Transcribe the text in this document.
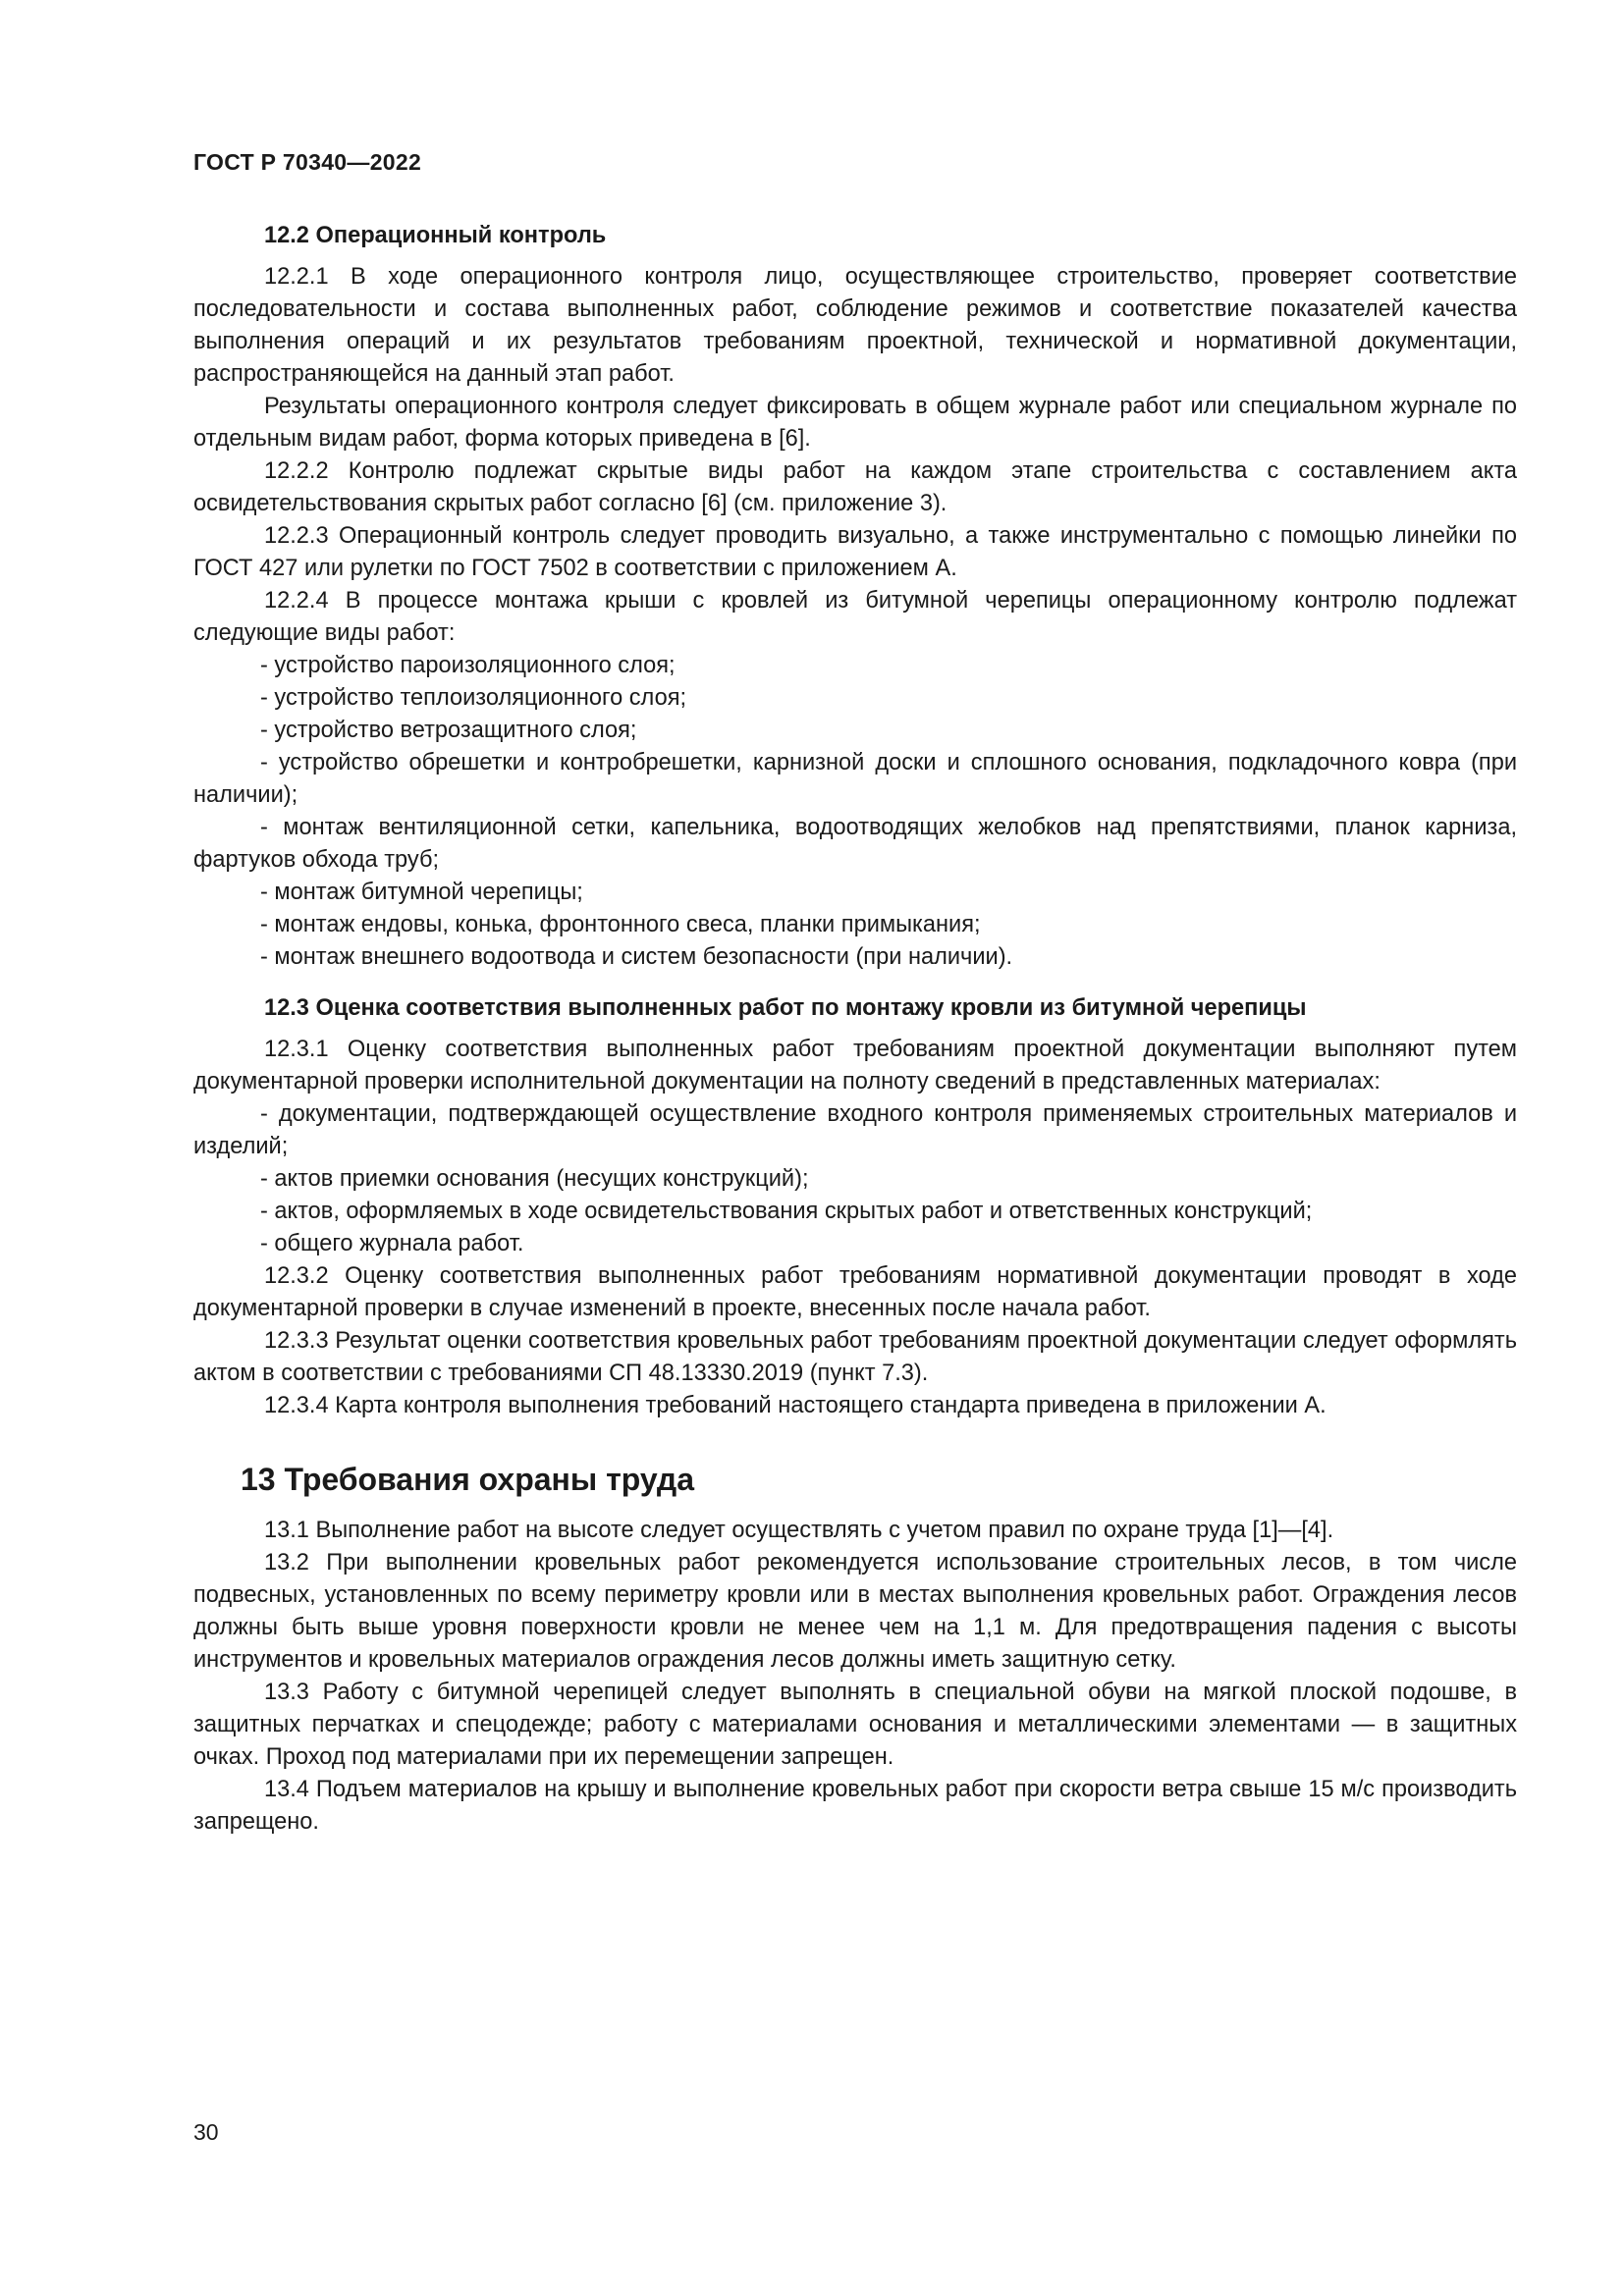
ГОСТ Р 70340—2022
12.2 Операционный контроль

12.2.1 В ходе операционного контроля лицо, осуществляющее строительство, проверяет соответствие последовательности и состава выполненных работ, соблюдение режимов и соответствие показателей качества выполнения операций и их результатов требованиям проектной, технической и нормативной документации, распространяющейся на данный этап работ.

Результаты операционного контроля следует фиксировать в общем журнале работ или специальном журнале по отдельным видам работ, форма которых приведена в [6].

12.2.2 Контролю подлежат скрытые виды работ на каждом этапе строительства с составлением акта освидетельствования скрытых работ согласно [6] (см. приложение 3).

12.2.3 Операционный контроль следует проводить визуально, а также инструментально с помощью линейки по ГОСТ 427 или рулетки по ГОСТ 7502 в соответствии с приложением А.

12.2.4 В процессе монтажа крыши с кровлей из битумной черепицы операционному контролю подлежат следующие виды работ:

- устройство пароизоляционного слоя;

- устройство теплоизоляционного слоя;

- устройство ветрозащитного слоя;

- устройство обрешетки и контробрешетки, карнизной доски и сплошного основания, подкладочного ковра (при наличии);

- монтаж вентиляционной сетки, капельника, водоотводящих желобков над препятствиями, планок карниза, фартуков обхода труб;

- монтаж битумной черепицы;

- монтаж ендовы, конька, фронтонного свеса, планки примыкания;

- монтаж внешнего водоотвода и систем безопасности (при наличии).

12.3 Оценка соответствия выполненных работ по монтажу кровли из битумной черепицы

12.3.1 Оценку соответствия выполненных работ требованиям проектной документации выполняют путем документарной проверки исполнительной документации на полноту сведений в представленных материалах:

- документации, подтверждающей осуществление входного контроля применяемых строительных материалов и изделий;

- актов приемки основания (несущих конструкций);

- актов, оформляемых в ходе освидетельствования скрытых работ и ответственных конструкций;

- общего журнала работ.

12.3.2 Оценку соответствия выполненных работ требованиям нормативной документации проводят в ходе документарной проверки в случае изменений в проекте, внесенных после начала работ.

12.3.3 Результат оценки соответствия кровельных работ требованиям проектной документации следует оформлять актом в соответствии с требованиями СП 48.13330.2019 (пункт 7.3).

12.3.4 Карта контроля выполнения требований настоящего стандарта приведена в приложении А.

13 Требования охраны труда

13.1 Выполнение работ на высоте следует осуществлять с учетом правил по охране труда [1]—[4].

13.2 При выполнении кровельных работ рекомендуется использование строительных лесов, в том числе подвесных, установленных по всему периметру кровли или в местах выполнения кровельных работ. Ограждения лесов должны быть выше уровня поверхности кровли не менее чем на 1,1 м. Для предотвращения падения с высоты инструментов и кровельных материалов ограждения лесов должны иметь защитную сетку.

13.3 Работу с битумной черепицей следует выполнять в специальной обуви на мягкой плоской подошве, в защитных перчатках и спецодежде; работу с материалами основания и металлическими элементами — в защитных очках. Проход под материалами при их перемещении запрещен.

13.4 Подъем материалов на крышу и выполнение кровельных работ при скорости ветра свыше 15 м/с производить запрещено.

30
